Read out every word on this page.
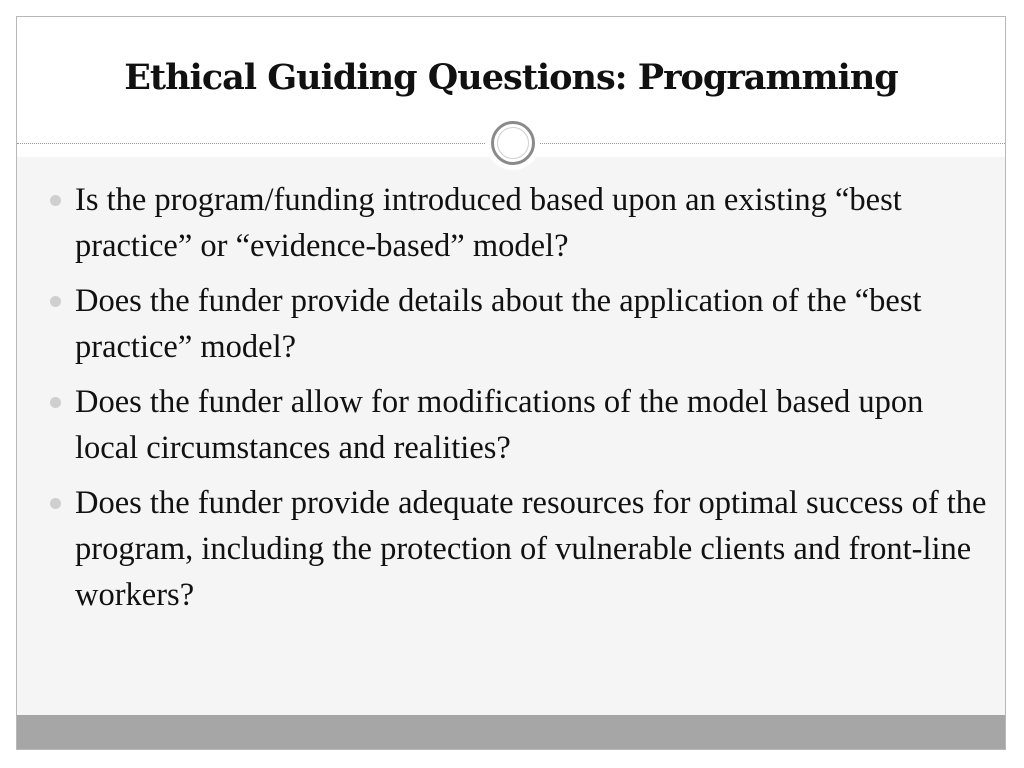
Ethical Guiding Questions: Programming
Is the program/funding introduced based upon an existing “best practice” or “evidence-based” model?
Does the funder provide details about the application of the “best practice” model?
Does the funder allow for modifications of the model based upon local circumstances and realities?
Does the funder provide adequate resources for optimal success of the program, including the protection of vulnerable clients and front-line workers?
